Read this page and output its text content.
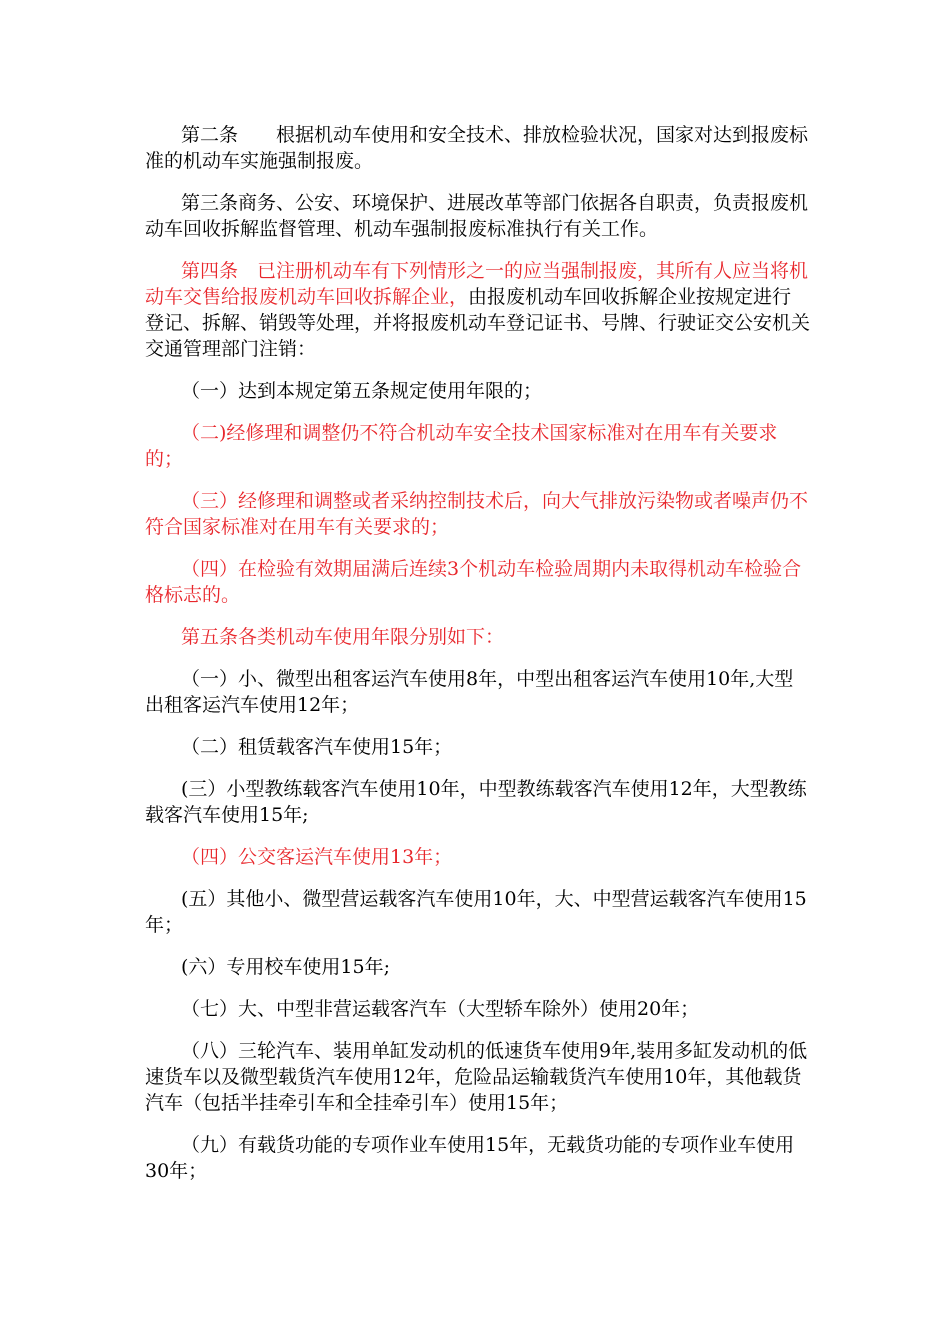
第二条　　根据机动车使用和安全技术、排放检验状况，国家对达到报废标准的机动车实施强制报废。

第三条商务、公安、环境保护、进展改革等部门依据各自职责，负责报废机动车回收拆解监督管理、机动车强制报废标准执行有关工作。

第四条　已注册机动车有下列情形之一的应当强制报废，其所有人应当将机动车交售给报废机动车回收拆解企业，由报废机动车回收拆解企业按规定进行登记、拆解、销毁等处理，并将报废机动车登记证书、号牌、行驶证交公安机关交通管理部门注销：

（一）达到本规定第五条规定使用年限的；

（二)经修理和调整仍不符合机动车安全技术国家标准对在用车有关要求的；

（三）经修理和调整或者采纳控制技术后，向大气排放污染物或者噪声仍不符合国家标准对在用车有关要求的；

（四）在检验有效期届满后连续3个机动车检验周期内未取得机动车检验合格标志的。

第五条各类机动车使用年限分别如下：

（一）小、微型出租客运汽车使用8年，中型出租客运汽车使用10年,大型出租客运汽车使用12年；

（二）租赁载客汽车使用15年；

(三）小型教练载客汽车使用10年，中型教练载客汽车使用12年，大型教练载客汽车使用15年;

（四）公交客运汽车使用13年；

(五）其他小、微型营运载客汽车使用10年，大、中型营运载客汽车使用15年；

(六）专用校车使用15年;

（七）大、中型非营运载客汽车（大型轿车除外）使用20年；

（八）三轮汽车、装用单缸发动机的低速货车使用9年,装用多缸发动机的低速货车以及微型载货汽车使用12年，危险品运输载货汽车使用10年，其他载货汽车（包括半挂牵引车和全挂牵引车）使用15年；

（九）有载货功能的专项作业车使用15年，无载货功能的专项作业车使用30年；
